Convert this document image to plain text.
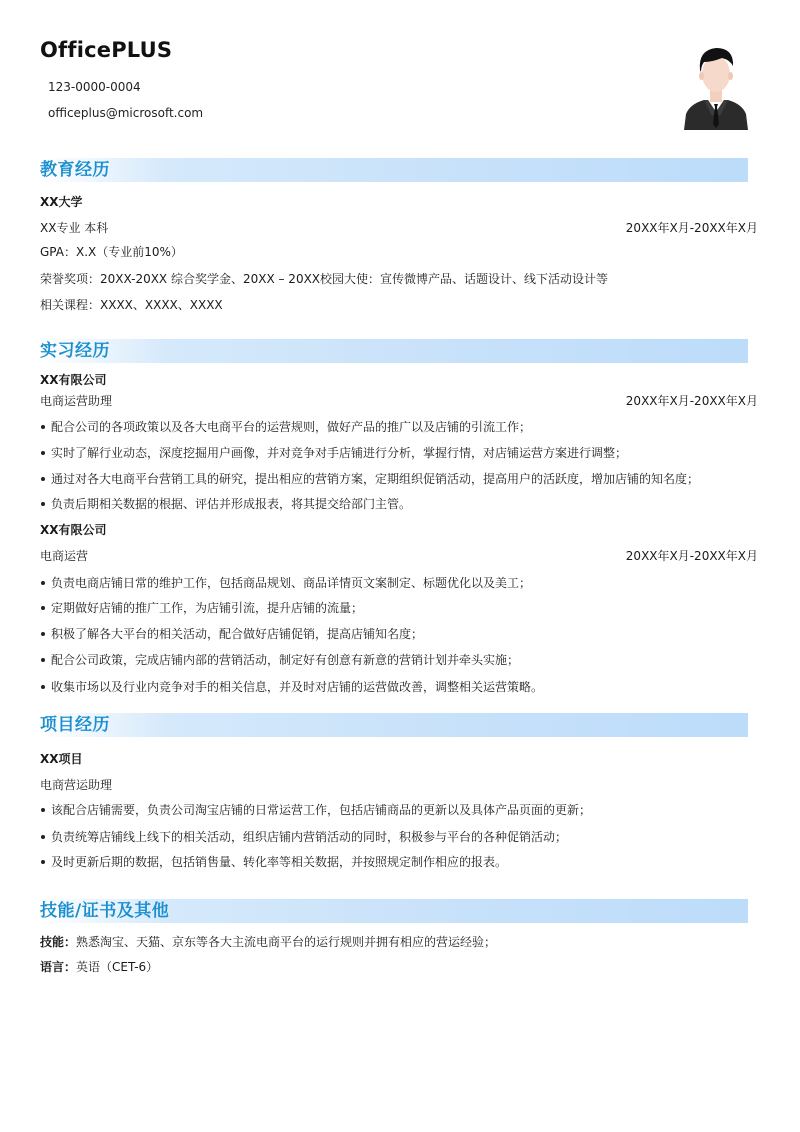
OfficePLUS
123-0000-0004
officeplus@microsoft.com
教育经历
XX大学
XX专业 本科	20XX年X月-20XX年X月
GPA：X.X（专业前10%）
荣誉奖项：20XX-20XX 综合奖学金、20XX – 20XX校园大使：宣传微博产品、话题设计、线下活动设计等
相关课程：XXXX、XXXX、XXXX
实习经历
XX有限公司
电商运营助理	20XX年X月-20XX年X月
配合公司的各项政策以及各大电商平台的运营规则，做好产品的推广以及店铺的引流工作；
实时了解行业动态，深度挖掘用户画像，并对竞争对手店铺进行分析，掌握行情，对店铺运营方案进行调整；
通过对各大电商平台营销工具的研究，提出相应的营销方案，定期组织促销活动，提高用户的活跃度，增加店铺的知名度；
负责后期相关数据的根据、评估并形成报表，将其提交给部门主管。
XX有限公司
电商运营	20XX年X月-20XX年X月
负责电商店铺日常的维护工作，包括商品规划、商品详情页文案制定、标题优化以及美工；
定期做好店铺的推广工作，为店铺引流，提升店铺的流量；
积极了解各大平台的相关活动，配合做好店铺促销，提高店铺知名度；
配合公司政策，完成店铺内部的营销活动，制定好有创意有新意的营销计划并牵头实施；
收集市场以及行业内竞争对手的相关信息，并及时对店铺的运营做改善，调整相关运营策略。
项目经历
XX项目
电商营运助理
该配合店铺需要，负责公司淘宝店铺的日常运营工作，包括店铺商品的更新以及具体产品页面的更新；
负责统筹店铺线上线下的相关活动，组织店铺内营销活动的同时，积极参与平台的各种促销活动；
及时更新后期的数据，包括销售量、转化率等相关数据，并按照规定制作相应的报表。
技能/证书及其他
技能：熟悉淘宝、天猫、京东等各大主流电商平台的运行规则并拥有相应的营运经验；
语言：英语（CET-6）
